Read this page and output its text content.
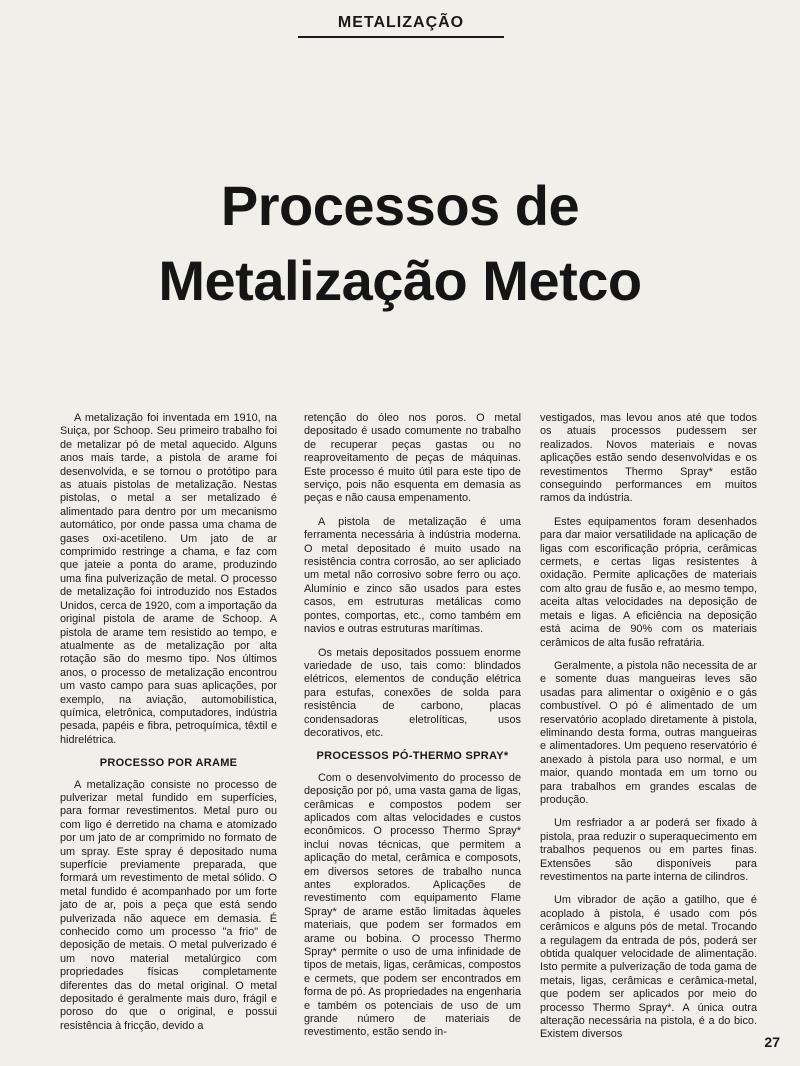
METALIZAÇÃO
Processos de
Metalização Metco

A metalização foi inventada em 1910, na Suiça, por Schoop. Seu primeiro trabalho foi de metalizar pó de metal aquecido. Alguns anos mais tarde, a pistola de arame foi desenvolvida, e se tornou o protótipo para as atuais pistolas de metalização. Nestas pistolas, o metal a ser metalizado é alimentado para dentro por um mecanismo automático, por onde passa uma chama de gases oxi-acetileno. Um jato de ar comprimido restringe a chama, e faz com que jateie a ponta do arame, produzindo uma fina pulverização de metal. O processo de metalização foi introduzido nos Estados Unidos, cerca de 1920, com a importação da original pistola de arame de Schoop. A pistola de arame tem resistido ao tempo, e atualmente as de metalização por alta rotação são do mesmo tipo. Nos últimos anos, o processo de metalização encontrou um vasto campo para suas aplicações, por exemplo, na aviação, automobilística, química, eletrônica, computadores, indústria pesada, papéis e fibra, petroquímica, têxtil e hidrelétrica.

PROCESSO POR ARAME

A metalização consiste no processo de pulverizar metal fundido em superfícies, para formar revestimentos. Metal puro ou com ligo é derretido na chama e atomizado por um jato de ar comprimido no formato de um spray. Este spray é depositado numa superfície previamente preparada, que formará um revestimento de metal sólido. O metal fundido é acompanhado por um forte jato de ar, pois a peça que está sendo pulverizada não aquece em demasia. É conhecido como um processo "a frio" de deposição de metais. O metal pulverizado é um novo material metalúrgico com propriedades físicas completamente diferentes das do metal original. O metal depositado é geralmente mais duro, frágil e poroso do que o original, e possui resistência à fricção, devido a

retenção do óleo nos poros. O metal depositado é usado comumente no trabalho de recuperar peças gastas ou no reaproveitamento de peças de máquinas. Este processo é muito útil para este tipo de serviço, pois não esquenta em demasia as peças e não causa empenamento.

A pistola de metalização é uma ferramenta necessária à indústria moderna. O metal depositado é muito usado na resistência contra corrosão, ao ser apliciado um metal não corrosivo sobre ferro ou aço. Alumínio e zinco são usados para estes casos, em estruturas metálicas como pontes, comportas, etc., como também em navios e outras estruturas marítimas.

Os metais depositados possuem enorme variedade de uso, tais como: blindados elétricos, elementos de condução elétrica para estufas, conexões de solda para resistência de carbono, placas condensadoras eletrolíticas, usos decorativos, etc.

PROCESSOS PÓ-THERMO SPRAY*

Com o desenvolvimento do processo de deposição por pó, uma vasta gama de ligas, cerâmicas e compostos podem ser aplicados com altas velocidades e custos econômicos. O processo Thermo Spray* inclui novas técnicas, que permitem a aplicação do metal, cerâmica e composots, em diversos setores de trabalho nunca antes explorados. Aplicações de revestimento com equipamento Flame Spray* de arame estão limitadas àqueles materiais, que podem ser formados em arame ou bobina. O processo Thermo Spray* permite o uso de uma infinidade de tipos de metais, ligas, cerâmicas, compostos e cermets, que podem ser encontrados em forma de pó. As propriedades na engenharia e também os potenciais de uso de um grande número de materiais de revestimento, estão sendo in-

vestigados, mas levou anos até que todos os atuais processos pudessem ser realizados. Novos materiais e novas aplicações estão sendo desenvolvidas e os revestimentos Thermo Spray* estão conseguindo performances em muitos ramos da indústria.

Estes equipamentos foram desenhados para dar maior versatilidade na aplicação de ligas com escorificação própria, cerâmicas cermets, e certas ligas resistentes à oxidação. Permite aplicações de materiais com alto grau de fusão e, ao mesmo tempo, aceita altas velocidades na deposição de metais e ligas. A eficiência na deposição está acima de 90% com os materiais cerâmicos de alta fusão refratária.

Geralmente, a pistola não necessita de ar e somente duas mangueiras leves são usadas para alimentar o oxigênio e o gás combustível. O pó é alimentado de um reservatório acoplado diretamente à pistola, eliminando desta forma, outras mangueiras e alimentadores. Um pequeno reservatório é anexado à pistola para uso normal, e um maior, quando montada em um torno ou para trabalhos em grandes escalas de produção.

Um resfriador a ar poderá ser fixado à pistola, praa reduzir o superaquecimento em trabalhos pequenos ou em partes finas. Extensões são disponíveis para revestimentos na parte interna de cilindros.

Um vibrador de ação a gatilho, que é acoplado à pistola, é usado com pós cerâmicos e alguns pós de metal. Trocando a regulagem da entrada de pós, poderá ser obtida qualquer velocidade de alimentação. Isto permite a pulverização de toda gama de metais, ligas, cerâmicas e cerâmica-metal, que podem ser aplicados por meio do processo Thermo Spray*. A única outra alteração necessária na pistola, é a do bico. Existem diversos	27
